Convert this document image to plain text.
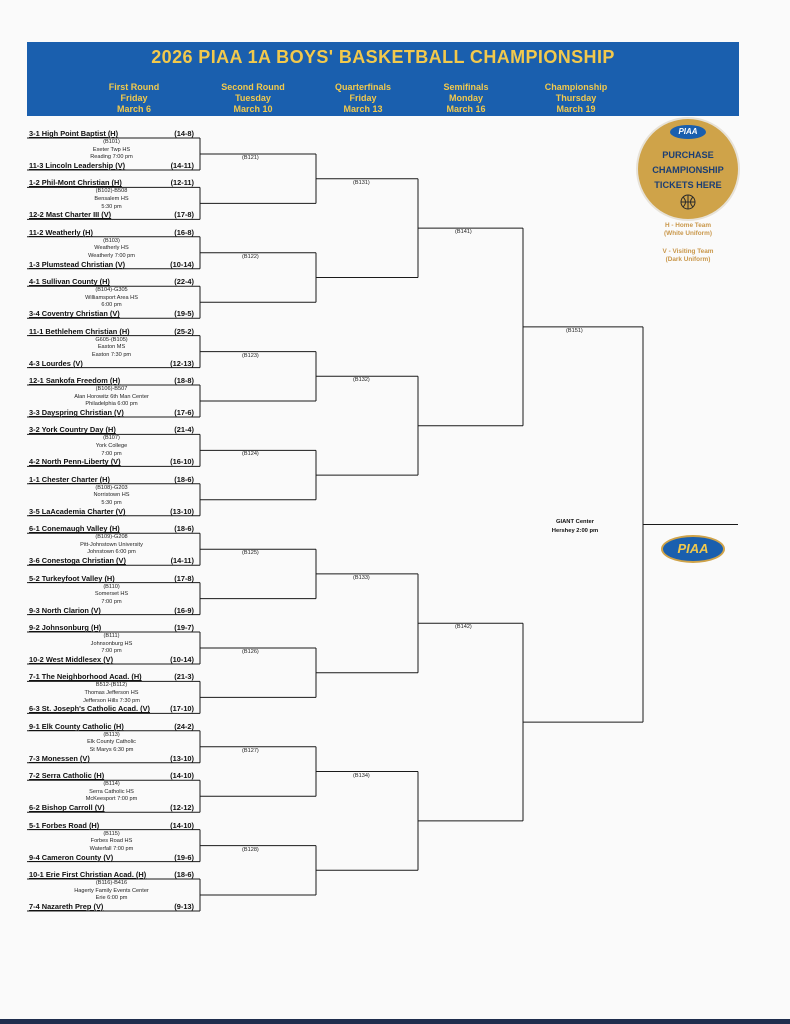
2026 PIAA 1A BOYS' BASKETBALL CHAMPIONSHIP
First Round
Friday
March 6
Second Round
Tuesday
March 10
Quarterfinals
Friday
March 13
Semifinals
Monday
March 16
Championship
Thursday
March 19
3-1 High Point Baptist (H)	(14-8)
11-3 Lincoln Leadership (V)	(14-11)
(B101)
Exeter Twp HS
Reading 7:00 pm
1-2 Phil-Mont Christian (H)	(12-11)
12-2 Mast Charter III (V)	(17-8)
(B102)-B508
Bensalem HS
5:30 pm
11-2 Weatherly (H)	(16-8)
1-3 Plumstead Christian (V)	(10-14)
(B103)
Weatherly HS
Weatherly 7:00 pm
4-1 Sullivan County (H)	(22-4)
3-4 Coventry Christian (V)	(19-5)
(B104)-G305
Williamsport Area HS
6:00 pm
11-1 Bethlehem Christian (H)	(25-2)
4-3 Lourdes (V)	(12-13)
G605-(B105)
Easton MS
Easton 7:30 pm
12-1 Sankofa Freedom (H)	(18-8)
3-3 Dayspring Christian (V)	(17-6)
(B106)-B507
Alan Horowitz 6th Man Center
Philadelphia 6:00 pm
3-2 York Country Day (H)	(21-4)
4-2 North Penn-Liberty (V)	(16-10)
(B107)
York College
7:00 pm
1-1 Chester Charter (H)	(18-6)
3-5 LaAcademia Charter (V)	(13-10)
(B108)-G203
Norristown HS
5:30 pm
6-1 Conemaugh Valley (H)	(18-6)
3-6 Conestoga Christian (V)	(14-11)
(B109)-G208
Pitt-Johnstown University
Johnstown 6:00 pm
5-2 Turkeyfoot Valley (H)	(17-8)
9-3 North Clarion (V)	(16-9)
(B110)
Somerset HS
7:00 pm
9-2 Johnsonburg (H)	(19-7)
10-2 West Middlesex (V)	(10-14)
(B111)
Johnsonburg HS
7:00 pm
7-1 The Neighborhood Acad. (H)	(21-3)
6-3 St. Joseph's Catholic Acad. (V)	(17-10)
B512-(B112)
Thomas Jefferson HS
Jefferson Hills 7:30 pm
9-1 Elk County Catholic (H)	(24-2)
7-3 Monessen (V)	(13-10)
(B113)
Elk County Catholic
St Marys 6:30 pm
7-2 Serra Catholic (H)	(14-10)
6-2 Bishop Carroll (V)	(12-12)
(B114)
Serra Catholic HS
McKeesport 7:00 pm
5-1 Forbes Road (H)	(14-10)
9-4 Cameron County (V)	(19-6)
(B115)
Forbes Road HS
Waterfall 7:00 pm
10-1 Erie First Christian Acad. (H)	(18-6)
7-4 Nazareth Prep (V)	(9-13)
(B116)-B416
Hagerty Family Events Center
Erie 6:00 pm
(B121)
(B122)
(B123)
(B124)
(B125)
(B126)
(B127)
(B128)
(B131)
(B132)
(B133)
(B134)
(B141)
(B142)
(B151)
GIANT Center
Hershey 2:00 pm
PIAA
PURCHASE
CHAMPIONSHIP
TICKETS HERE
H - Home Team
(White Uniform)
V - Visiting Team
(Dark Uniform)
PIAA
